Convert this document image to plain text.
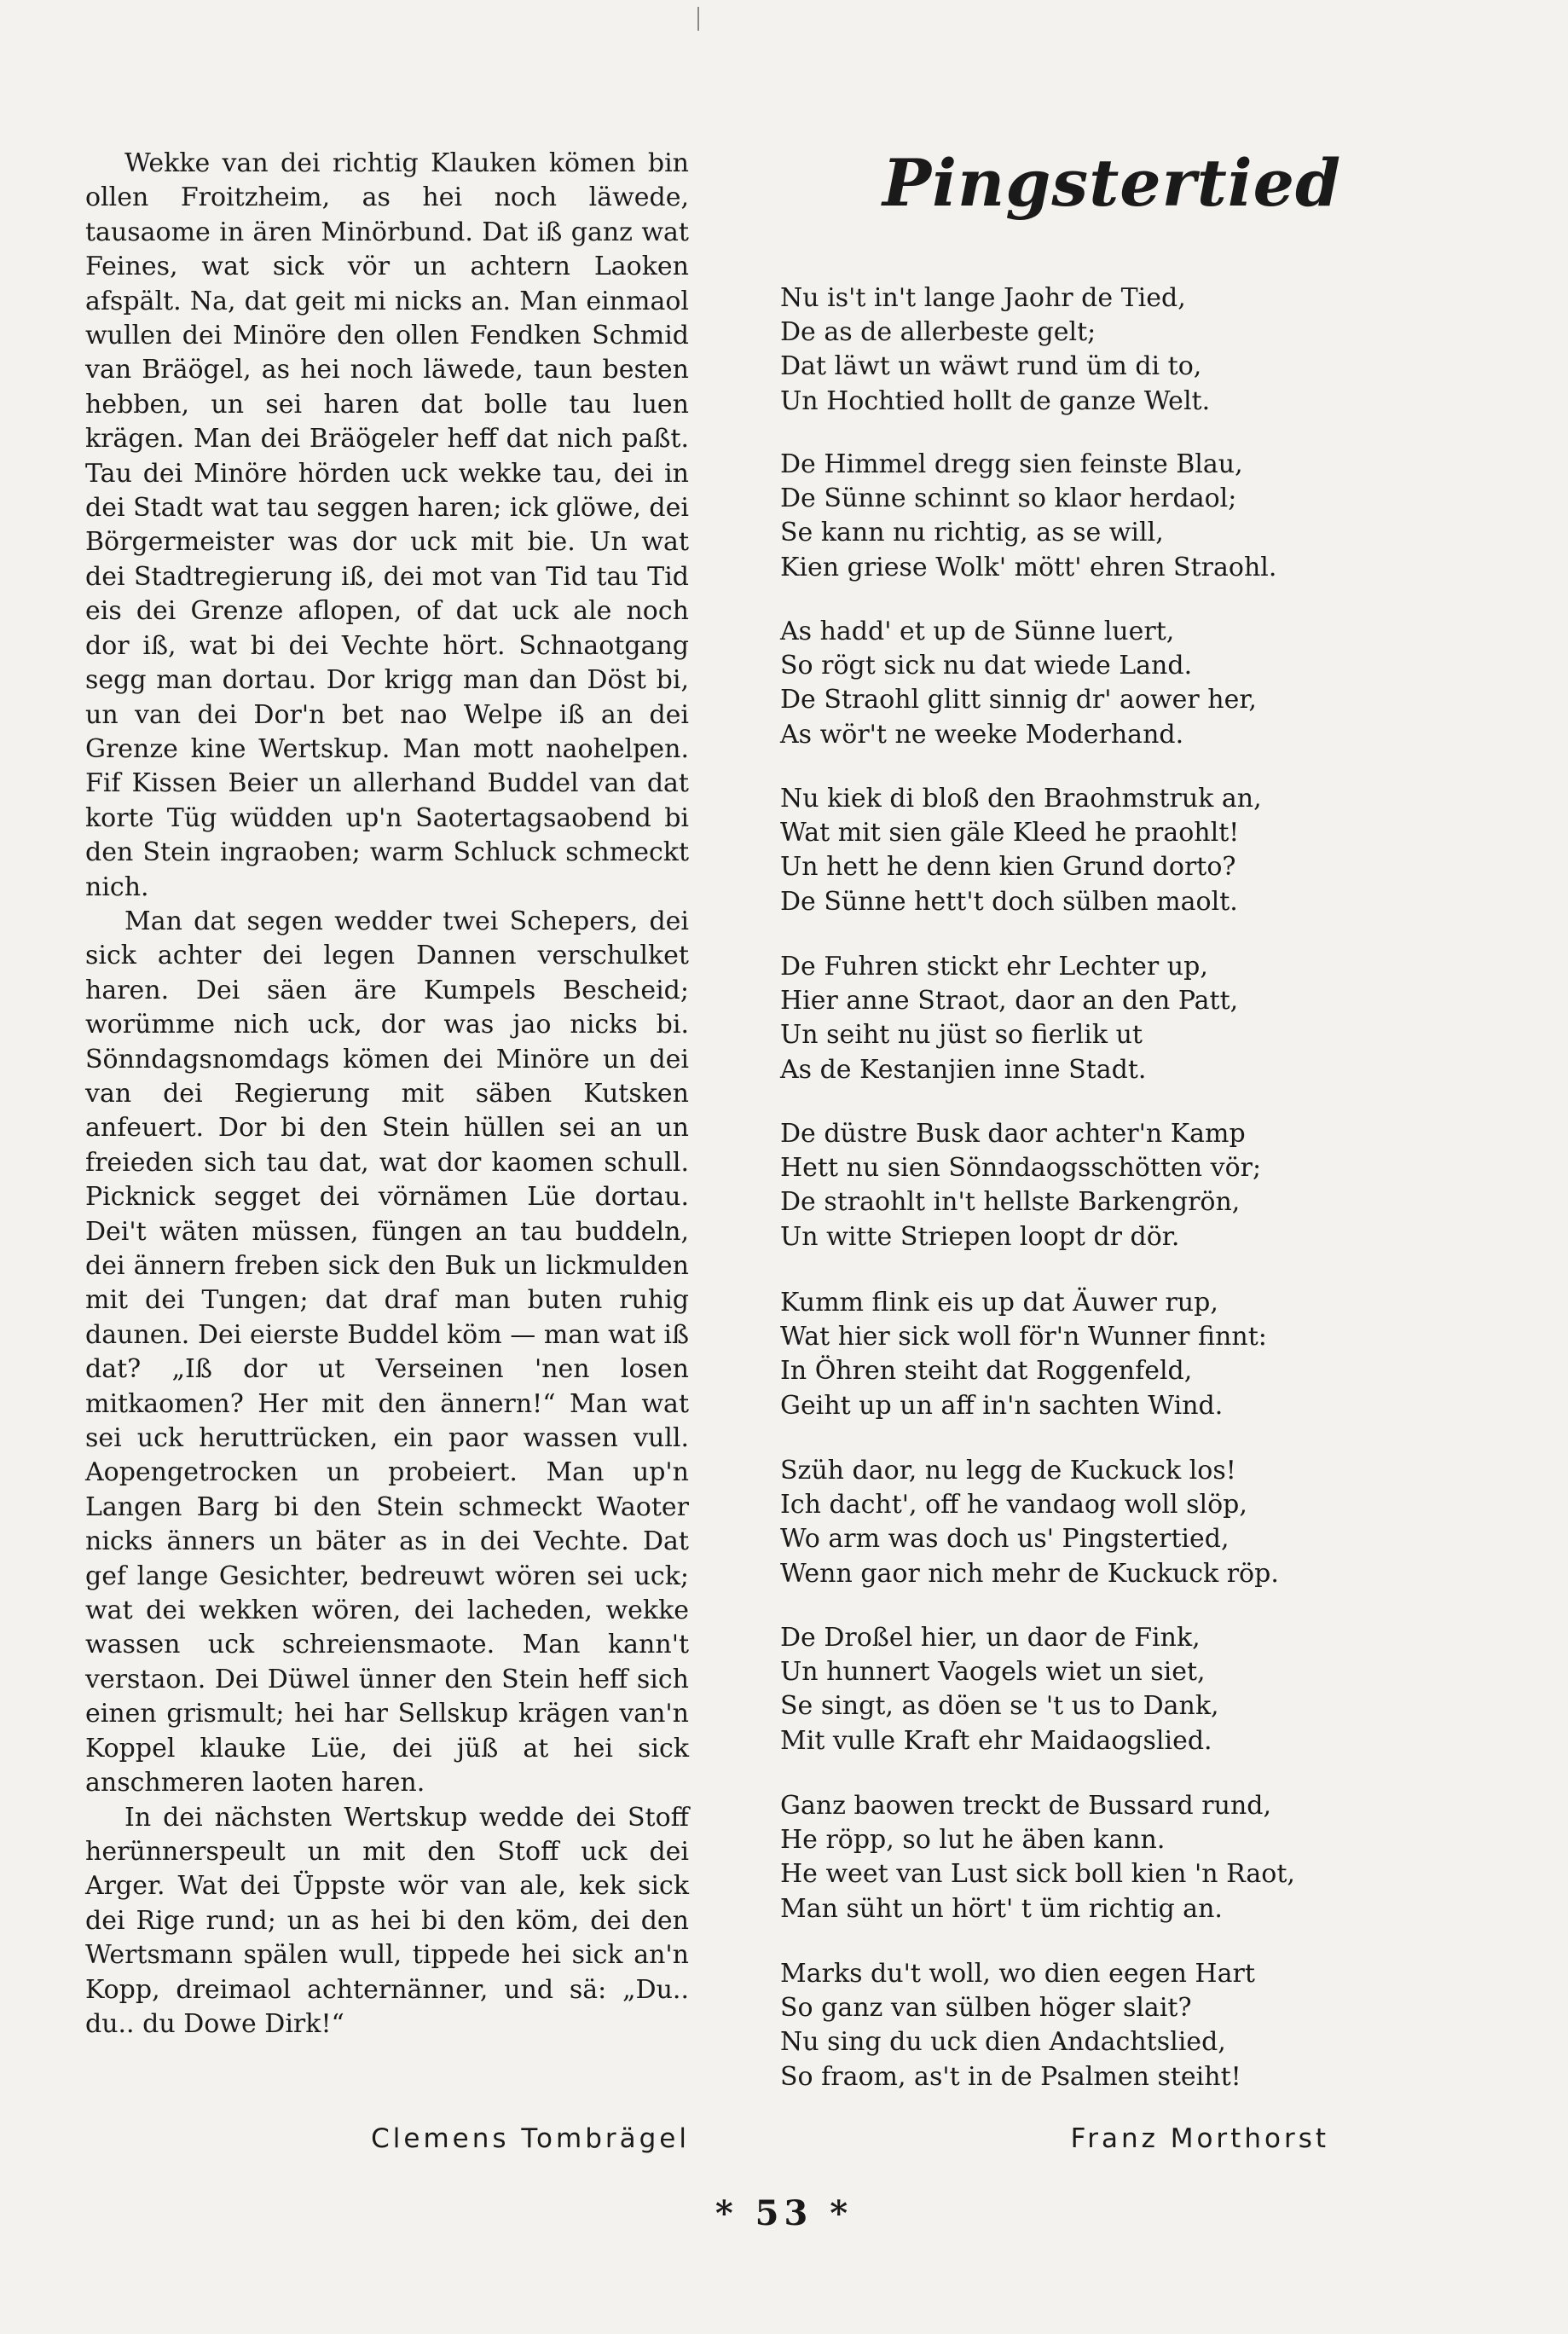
Wekke van dei richtig Klauken kömen bin ollen Froitzheim, as hei noch läwede, tausaome in ären Minörbund. Dat iß ganz wat Feines, wat sick vör un achtern Laoken afspält. Na, dat geit mi nicks an. Man einmaol wullen dei Minöre den ollen Fendken Schmid van Bräögel, as hei noch läwede, taun besten hebben, un sei haren dat bolle tau luen krägen. Man dei Bräögeler heff dat nich paßt. Tau dei Minöre hörden uck wekke tau, dei in dei Stadt wat tau seggen haren; ick glöwe, dei Börgermeister was dor uck mit bie. Un wat dei Stadtregierung iß, dei mot van Tid tau Tid eis dei Grenze aflopen, of dat uck ale noch dor iß, wat bi dei Vechte hört. Schnaotgang segg man dortau. Dor krigg man dan Döst bi, un van dei Dor'n bet nao Welpe iß an dei Grenze kine Wertskup. Man mott naohelpen. Fif Kissen Beier un allerhand Buddel van dat korte Tüg wüdden up'n Saotertagsaobend bi den Stein ingraoben; warm Schluck schmeckt nich.

Man dat segen wedder twei Schepers, dei sick achter dei legen Dannen verschulket haren. Dei säen äre Kumpels Bescheid; worümme nich uck, dor was jao nicks bi. Sönndagsnomdags kömen dei Minöre un dei van dei Regierung mit säben Kutsken anfeuert. Dor bi den Stein hüllen sei an un freieden sich tau dat, wat dor kaomen schull. Picknick segget dei vörnämen Lüe dortau. Dei't wäten müssen, füngen an tau buddeln, dei ännern freben sick den Buk un lickmulden mit dei Tungen; dat draf man buten ruhig daunen. Dei eierste Buddel köm — man wat iß dat? „Iß dor ut Verseinen 'nen losen mitkaomen? Her mit den ännern!“ Man wat sei uck heruttrücken, ein paor wassen vull. Aopengetrocken un probeiert. Man up'n Langen Barg bi den Stein schmeckt Waoter nicks änners un bäter as in dei Vechte. Dat gef lange Gesichter, bedreuwt wören sei uck; wat dei wekken wören, dei lacheden, wekke wassen uck schreiensmaote. Man kann't verstaon. Dei Düwel ünner den Stein heff sich einen grismult; hei har Sellskup krägen van'n Koppel klauke Lüe, dei jüß at hei sick anschmeren laoten haren.

In dei nächsten Wertskup wedde dei Stoff herünnerspeult un mit den Stoff uck dei Arger. Wat dei Üppste wör van ale, kek sick dei Rige rund; un as hei bi den köm, dei den Wertsmann spälen wull, tippede hei sick an'n Kopp, dreimaol achternänner, und sä: „Du.. du.. du Dowe Dirk!“

Clemens Tombrägel
Pingstertied
Nu is't in't lange Jaohr de Tied,
De as de allerbeste gelt;
Dat läwt un wäwt rund üm di to,
Un Hochtied hollt de ganze Welt.
De Himmel dregg sien feinste Blau,
De Sünne schinnt so klaor herdaol;
Se kann nu richtig, as se will,
Kien griese Wolk' mött' ehren Straohl.
As hadd' et up de Sünne luert,
So rögt sick nu dat wiede Land.
De Straohl glitt sinnig dr' aower her,
As wör't ne weeke Moderhand.
Nu kiek di bloß den Braohmstruk an,
Wat mit sien gäle Kleed he praohlt!
Un hett he denn kien Grund dorto?
De Sünne hett't doch sülben maolt.
De Fuhren stickt ehr Lechter up,
Hier anne Straot, daor an den Patt,
Un seiht nu jüst so fierlik ut
As de Kestanjien inne Stadt.
De düstre Busk daor achter'n Kamp
Hett nu sien Sönndaogsschötten vör;
De straohlt in't hellste Barkengrön,
Un witte Striepen loopt dr dör.
Kumm flink eis up dat Äuwer rup,
Wat hier sick woll för'n Wunner finnt:
In Öhren steiht dat Roggenfeld,
Geiht up un aff in'n sachten Wind.
Szüh daor, nu legg de Kuckuck los!
Ich dacht', off he vandaog woll slöp,
Wo arm was doch us' Pingstertied,
Wenn gaor nich mehr de Kuckuck röp.
De Droßel hier, un daor de Fink,
Un hunnert Vaogels wiet un siet,
Se singt, as döen se 't us to Dank,
Mit vulle Kraft ehr Maidaogslied.
Ganz baowen treckt de Bussard rund,
He röpp, so lut he äben kann.
He weet van Lust sick boll kien 'n Raot,
Man süht un hört' t üm richtig an.
Marks du't woll, wo dien eegen Hart
So ganz van sülben höger slait?
Nu sing du uck dien Andachtslied,
So fraom, as't in de Psalmen steiht!
Franz Morthorst
* 53 *
